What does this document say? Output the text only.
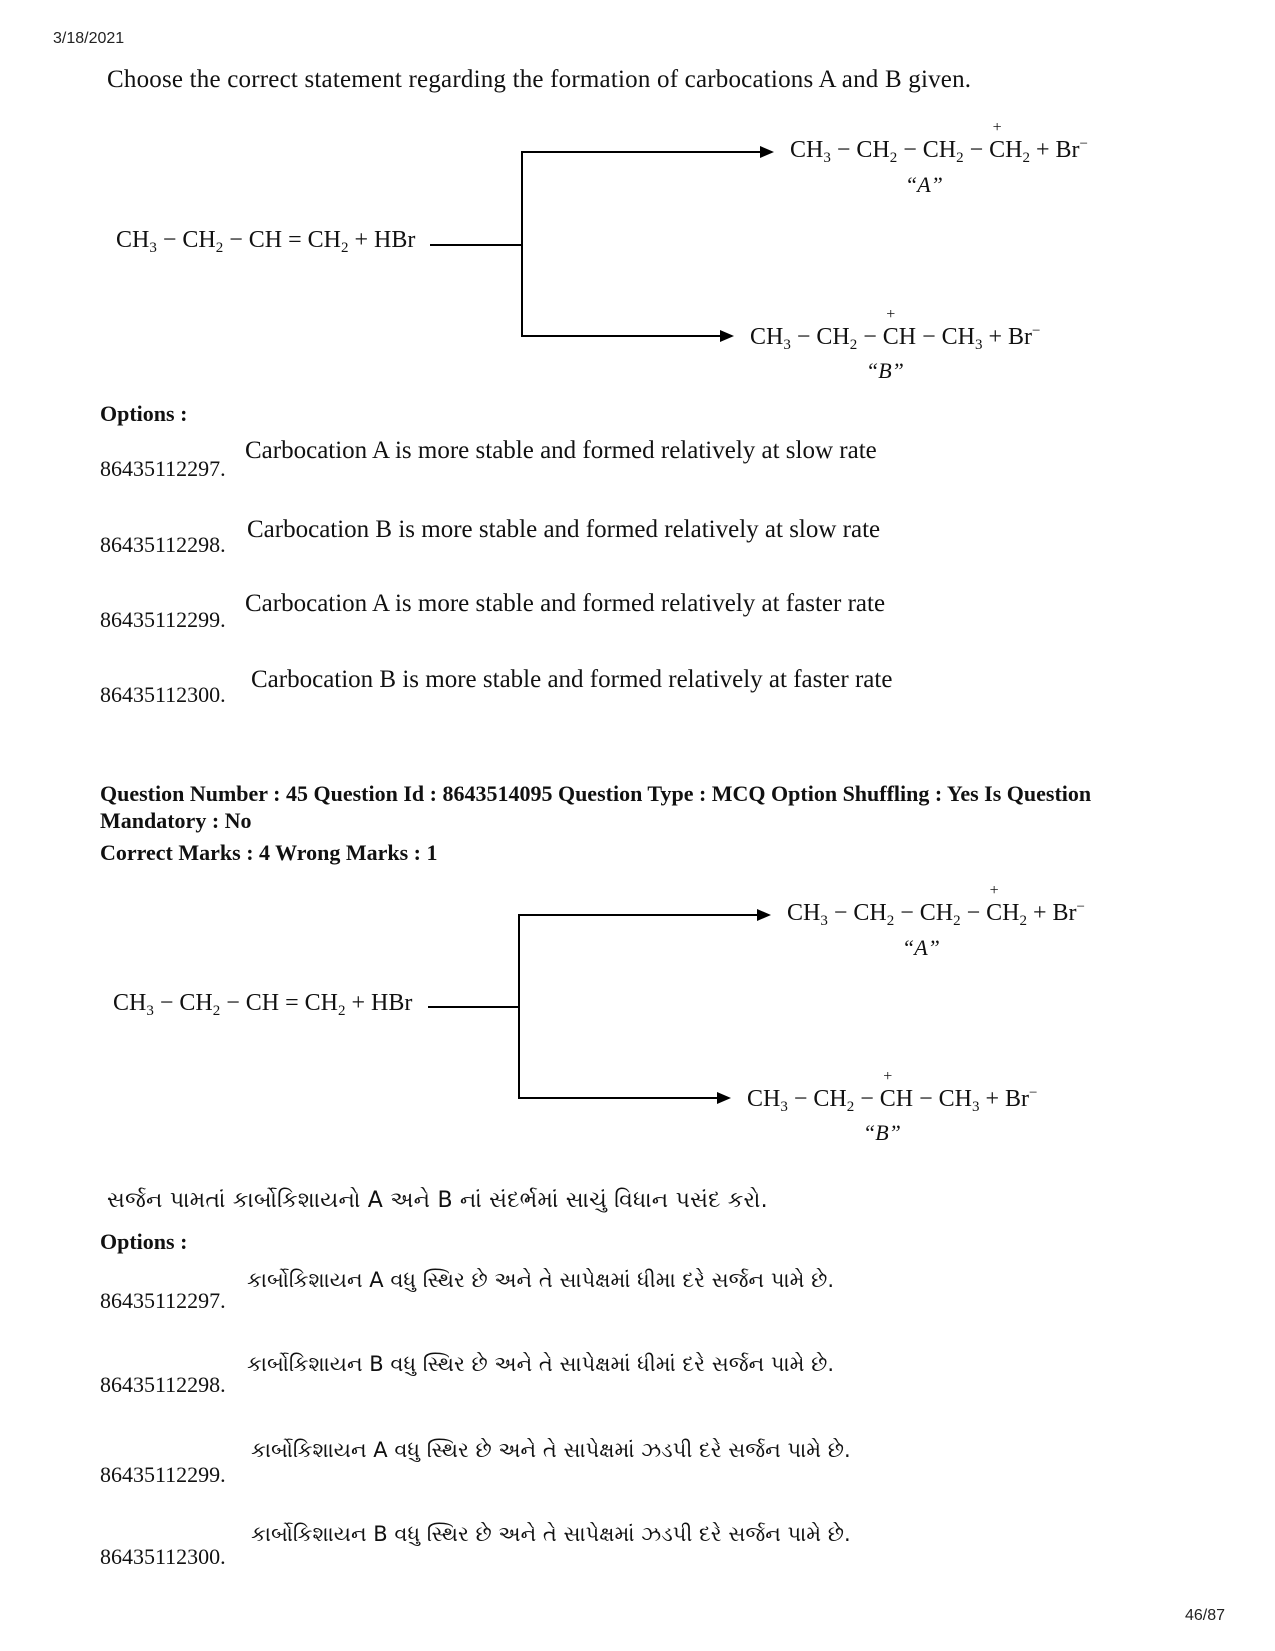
3/18/2021
Choose the correct statement regarding the formation of carbocations A and B given.
$CH_3 - CH_2$ − CH = $CH_2$ + HBr
$CH_3 - CH_2 - CH_2$ − + $CH_2 + Br^-$
“A”
$CH_3 - CH_2$ − + CH − $CH_3 + Br^-$
“B”
Options :
86435112297.
Carbocation A is more stable and formed relatively at slow rate
86435112298.
Carbocation B is more stable and formed relatively at slow rate
86435112299.
Carbocation A is more stable and formed relatively at faster rate
86435112300.
Carbocation B is more stable and formed relatively at faster rate
Question Number : 45 Question Id : 8643514095 Question Type : MCQ Option Shuffling : Yes Is Question
Mandatory : No
Correct Marks : 4 Wrong Marks : 1
$CH_3 - CH_2$ − CH = $CH_2$ + HBr
$CH_3 - CH_2 - CH_2$ − + $CH_2 + Br^-$
“A”
$CH_3 - CH_2$ − + CH − $CH_3 + Br^-$
“B”
સર્જન પામતાં કાર્બોકિશાયનો A અને B નાં સંદર્ભમાં સાચું વિધાન પસંદ કરો.
Options :
86435112297.
કાર્બોકિશાયન A વધુ સ્થિર છે અને તે સાપેક્ષમાં ધીમા દરે સર્જન પામે છે.
86435112298.
કાર્બોકિશાયન B વધુ સ્થિર છે અને તે સાપેક્ષમાં ધીમાં દરે સર્જન પામે છે.
86435112299.
કાર્બોકિશાયન A વધુ સ્થિર છે અને તે સાપેક્ષમાં ઝડપી દરે સર્જન પામે છે.
86435112300.
કાર્બોકિશાયન B વધુ સ્થિર છે અને તે સાપેક્ષમાં ઝડપી દરે સર્જન પામે છે.
46/87
